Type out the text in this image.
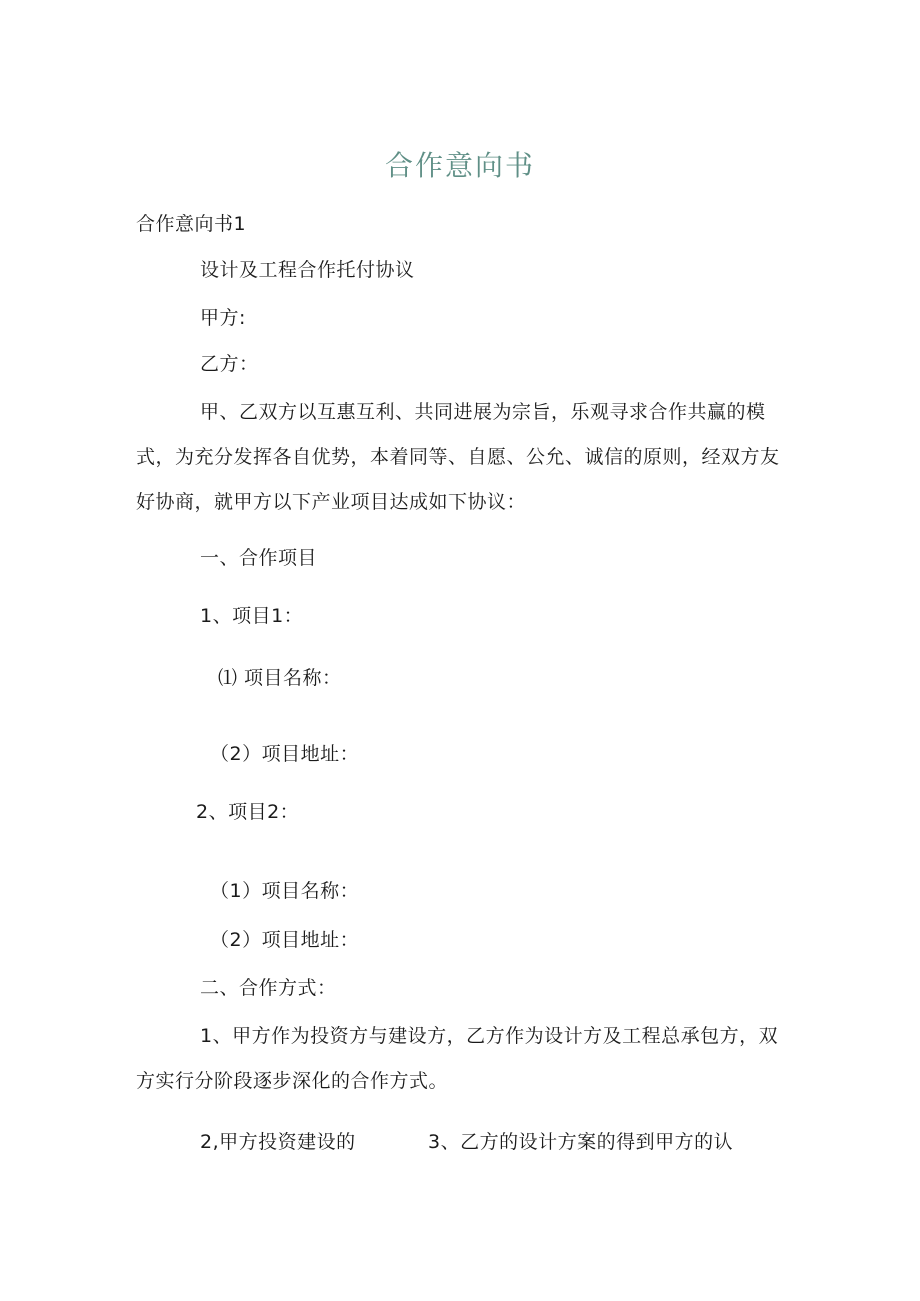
合作意向书
合作意向书1
设计及工程合作托付协议
甲方:
乙方：
甲、乙双方以互惠互利、共同进展为宗旨，乐观寻求合作共赢的模式，为充分发挥各自优势，本着同等、自愿、公允、诚信的原则，经双方友好协商，就甲方以下产业项目达成如下协议：
一、合作项目
1、项目1：
⑴ 项目名称：
（2）项目地址：
2、项目2：
（1）项目名称：
（2）项目地址：
二、合作方式：
1、甲方作为投资方与建设方，乙方作为设计方及工程总承包方，双方实行分阶段逐步深化的合作方式。
2,甲方投资建设的	3、乙方的设计方案的得到甲方的认
